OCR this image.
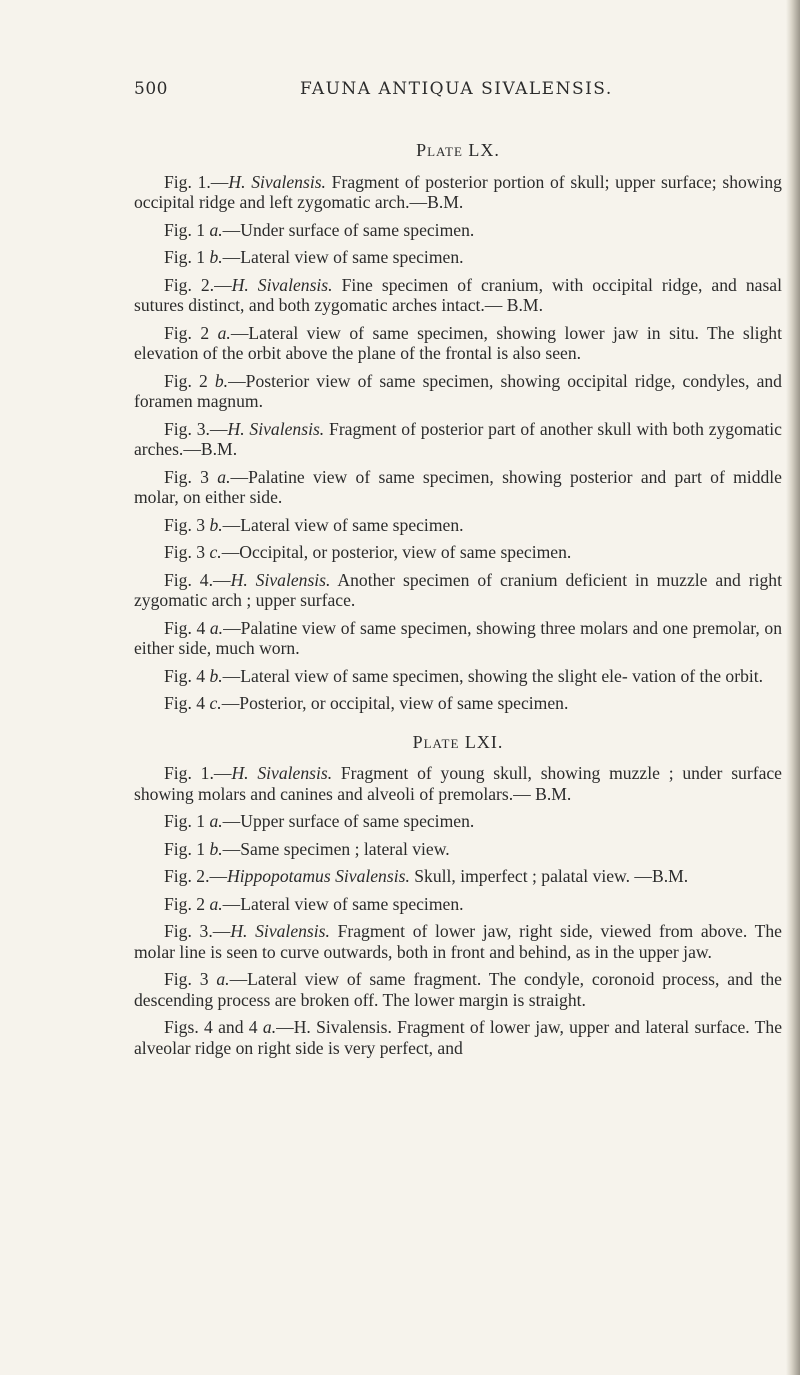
500	FAUNA ANTIQUA SIVALENSIS.
Plate LX.

Fig. 1.—H. Sivalensis. Fragment of posterior portion of skull; upper surface; showing occipital ridge and left zygomatic arch.—B.M.

Fig. 1 a.—Under surface of same specimen.

Fig. 1 b.—Lateral view of same specimen.

Fig. 2.—H. Sivalensis. Fine specimen of cranium, with occipital ridge, and nasal sutures distinct, and both zygomatic arches intact.— B.M.

Fig. 2 a.—Lateral view of same specimen, showing lower jaw in situ. The slight elevation of the orbit above the plane of the frontal is also seen.

Fig. 2 b.—Posterior view of same specimen, showing occipital ridge, condyles, and foramen magnum.

Fig. 3.—H. Sivalensis. Fragment of posterior part of another skull with both zygomatic arches.—B.M.

Fig. 3 a.—Palatine view of same specimen, showing posterior and part of middle molar, on either side.

Fig. 3 b.—Lateral view of same specimen.

Fig. 3 c.—Occipital, or posterior, view of same specimen.

Fig. 4.—H. Sivalensis. Another specimen of cranium deficient in muzzle and right zygomatic arch ; upper surface.

Fig. 4 a.—Palatine view of same specimen, showing three molars and one premolar, on either side, much worn.

Fig. 4 b.—Lateral view of same specimen, showing the slight ele- vation of the orbit.

Fig. 4 c.—Posterior, or occipital, view of same specimen.

Plate LXI.

Fig. 1.—H. Sivalensis. Fragment of young skull, showing muzzle ; under surface showing molars and canines and alveoli of premolars.— B.M.

Fig. 1 a.—Upper surface of same specimen.

Fig. 1 b.—Same specimen ; lateral view.

Fig. 2.—Hippopotamus Sivalensis. Skull, imperfect ; palatal view. —B.M.

Fig. 2 a.—Lateral view of same specimen.

Fig. 3.—H. Sivalensis. Fragment of lower jaw, right side, viewed from above. The molar line is seen to curve outwards, both in front and behind, as in the upper jaw.

Fig. 3 a.—Lateral view of same fragment. The condyle, coronoid process, and the descending process are broken off. The lower margin is straight.

Figs. 4 and 4 a.—H. Sivalensis. Fragment of lower jaw, upper and lateral surface. The alveolar ridge on right side is very perfect, and
